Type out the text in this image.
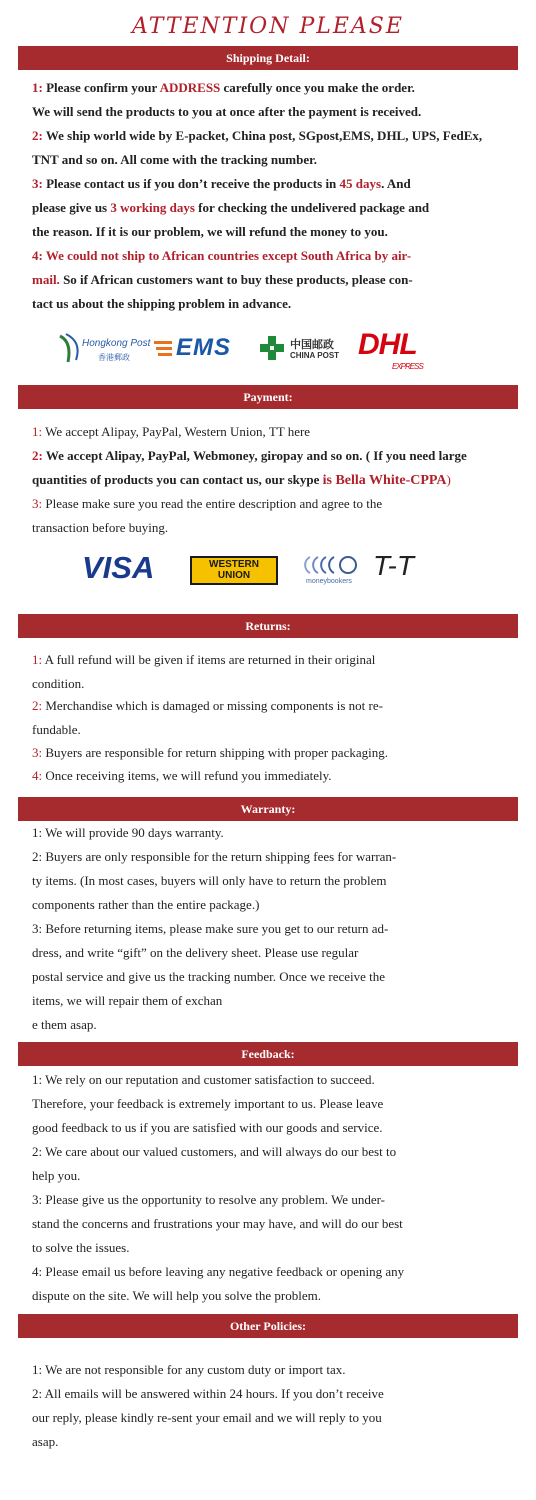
ATTENTION PLEASE
Shipping Detail:
1: Please confirm your ADDRESS carefully once you make the order.
We will send the products to you at once after the payment is received.
2: We ship world wide by E-packet, China post, SGpost,EMS, DHL, UPS, FedEx,
TNT and so on. All come with the tracking number.
3: Please contact us if you don’t receive the products in 45 days. And
please give us 3 working days for checking the undelivered package and
the reason. If it is our problem, we will refund the money to you.
4: We could not ship to African countries except South Africa by air-
mail. So if African customers want to buy these products, please con-
tact us about the shipping problem in advance.
Hongkong Post
香港郵政	EMS	中国邮政
CHINA POST DHL
EXPRESS
Payment:
1: We accept Alipay, PayPal, Western Union, TT here
2: We accept Alipay, PayPal, Webmoney, giropay and so on. ( If you need large
quantities of products you can contact us, our skype is Bella White-CPPA)
3: Please make sure you read the entire description and agree to the
transaction before buying.
VISA	WESTERN
UNION
moneybookers
T-T
Returns:
1: A full refund will be given if items are returned in their original
condition.
2: Merchandise which is damaged or missing components is not re-
fundable.
3: Buyers are responsible for return shipping with proper packaging.
4: Once receiving items, we will refund you immediately.
Warranty:
1: We will provide 90 days warranty.
2: Buyers are only responsible for the return shipping fees for warran-
ty items. (In most cases, buyers will only have to return the problem
components rather than the entire package.)
3: Before returning items, please make sure you get to our return ad-
dress, and write “gift” on the delivery sheet. Please use regular
postal service and give us the tracking number. Once we receive the
items, we will repair them of exchan
e them asap.
Feedback:
1: We rely on our reputation and customer satisfaction to succeed.
Therefore, your feedback is extremely important to us. Please leave
good feedback to us if you are satisfied with our goods and service.
2: We care about our valued customers, and will always do our best to
help you.
3: Please give us the opportunity to resolve any problem. We under-
stand the concerns and frustrations your may have, and will do our best
to solve the issues.
4: Please email us before leaving any negative feedback or opening any
dispute on the site. We will help you solve the problem.
Other Policies:
1: We are not responsible for any custom duty or import tax.
2: All emails will be answered within 24 hours. If you don’t receive
our reply, please kindly re-sent your email and we will reply to you
asap.
